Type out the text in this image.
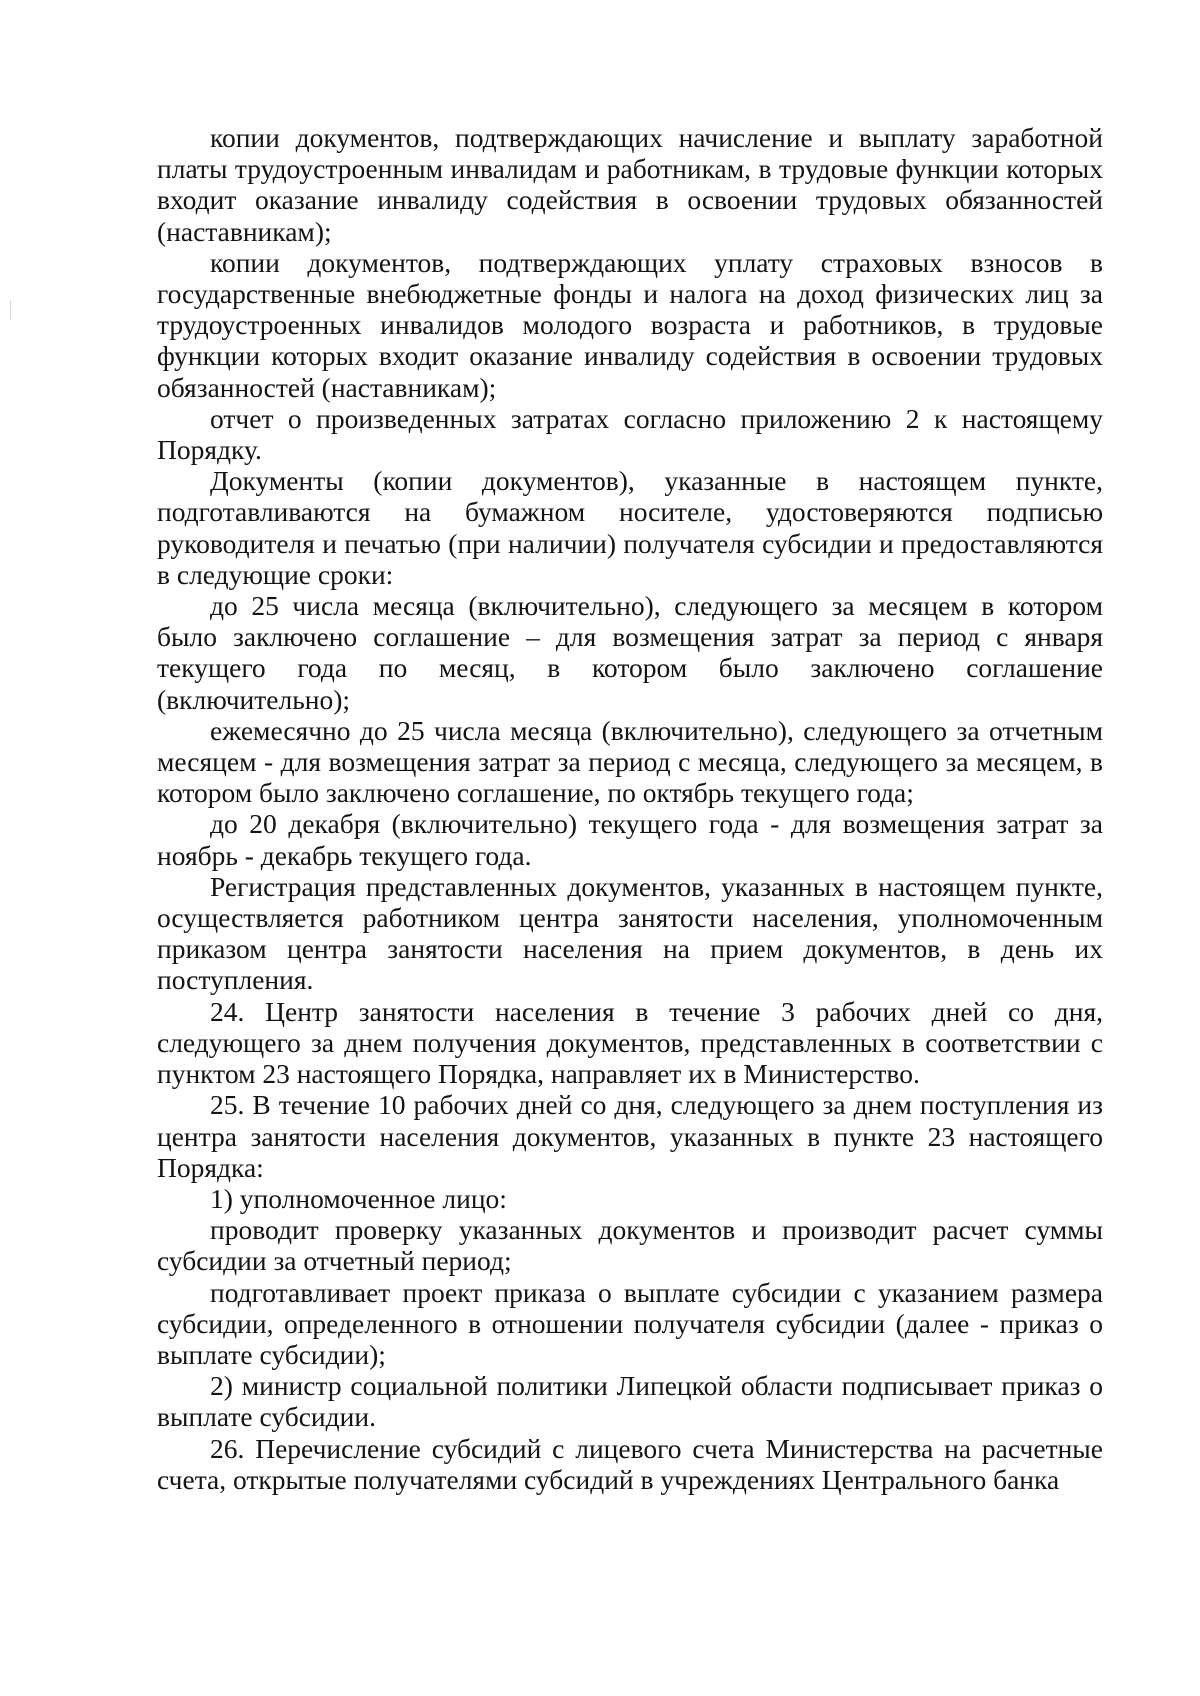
копии документов, подтверждающих начисление и выплату заработной платы трудоустроенным инвалидам и работникам, в трудовые функции которых входит оказание инвалиду содействия в освоении трудовых обязанностей (наставникам);

копии документов, подтверждающих уплату страховых взносов в государственные внебюджетные фонды и налога на доход физических лиц за трудоустроенных инвалидов молодого возраста и работников, в трудовые функции которых входит оказание инвалиду содействия в освоении трудовых обязанностей (наставникам);

отчет о произведенных затратах согласно приложению 2 к настоящему Порядку.

Документы (копии документов), указанные в настоящем пункте, подготавливаются на бумажном носителе, удостоверяются подписью руководителя и печатью (при наличии) получателя субсидии и предоставляются в следующие сроки:

до 25 числа месяца (включительно), следующего за месяцем в котором было заключено соглашение – для возмещения затрат за период с января текущего года по месяц, в котором было заключено соглашение (включительно);

ежемесячно до 25 числа месяца (включительно), следующего за отчетным месяцем - для возмещения затрат за период с месяца, следующего за месяцем, в котором было заключено соглашение, по октябрь текущего года;

до 20 декабря (включительно) текущего года - для возмещения затрат за ноябрь - декабрь текущего года.

Регистрация представленных документов, указанных в настоящем пункте, осуществляется работником центра занятости населения, уполномоченным приказом центра занятости населения на прием документов, в день их поступления.

24. Центр занятости населения в течение 3 рабочих дней со дня, следующего за днем получения документов, представленных в соответствии с пунктом 23 настоящего Порядка, направляет их в Министерство.

25. В течение 10 рабочих дней со дня, следующего за днем поступления из центра занятости населения документов, указанных в пункте 23 настоящего Порядка:

1) уполномоченное лицо:

проводит проверку указанных документов и производит расчет суммы субсидии за отчетный период;

подготавливает проект приказа о выплате субсидии с указанием размера субсидии, определенного в отношении получателя субсидии (далее - приказ о выплате субсидии);

2) министр социальной политики Липецкой области подписывает приказ о выплате субсидии.

26. Перечисление субсидий с лицевого счета Министерства на расчетные счета, открытые получателями субсидий в учреждениях Центрального банка
